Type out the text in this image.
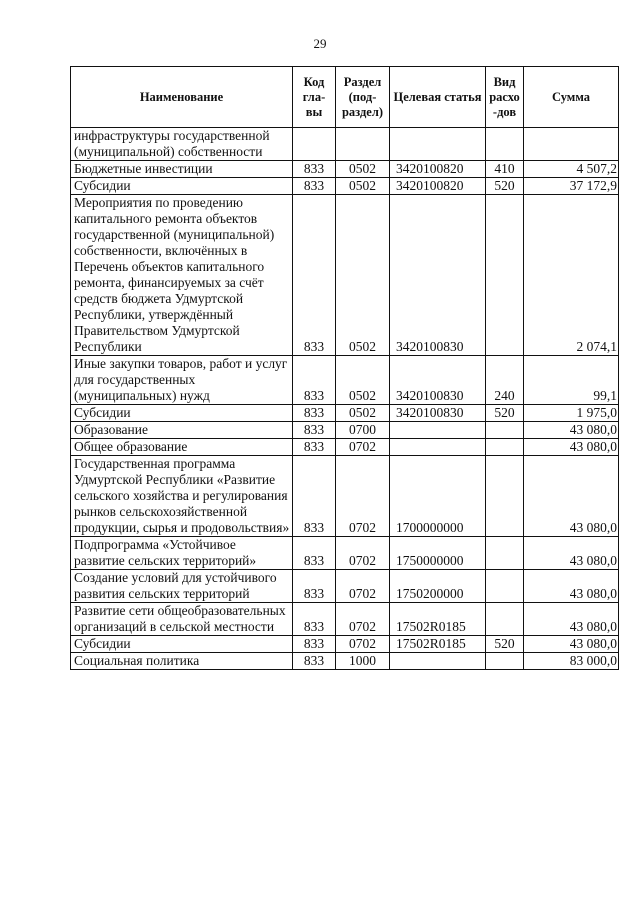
29
Наименование	Код гла- вы	Раздел (под- раздел)	Целевая статья	Вид расхо -дов	Сумма
инфраструктуры государственной (муниципальной) собственности					
Бюджетные инвестиции	833	0502	3420100820	410	4 507,2
Субсидии	833	0502	3420100820	520	37 172,9
Мероприятия по проведению капитального ремонта объектов государственной (муниципальной) собственности, включённых в Перечень объектов капитального ремонта, финансируемых за счёт средств бюджета Удмуртской Республики, утверждённый Правительством Удмуртской Республики	833	0502	3420100830		2 074,1
Иные закупки товаров, работ и услуг для государственных (муниципальных) нужд	833	0502	3420100830	240	99,1
Субсидии	833	0502	3420100830	520	1 975,0
Образование	833	0700			43 080,0
Общее образование	833	0702			43 080,0
Государственная программа Удмуртской Республики «Развитие сельского хозяйства и регулирования рынков сельскохозяйственной продукции, сырья и продовольствия»	833	0702	1700000000		43 080,0
Подпрограмма «Устойчивое развитие сельских территорий»	833	0702	1750000000		43 080,0
Создание условий для устойчивого развития сельских территорий	833	0702	1750200000		43 080,0
Развитие сети общеобразовательных организаций в сельской местности	833	0702	17502R0185		43 080,0
Субсидии	833	0702	17502R0185	520	43 080,0
Социальная политика	833	1000			83 000,0
